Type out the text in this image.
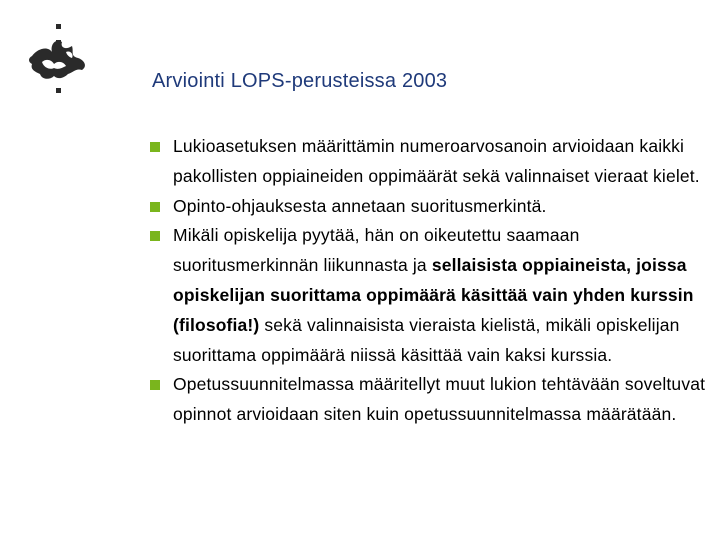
Arviointi LOPS-perusteissa 2003
Lukioasetuksen määrittämin numeroarvosanoin arvioidaan kaikki pakollisten oppiaineiden oppimäärät sekä valinnaiset vieraat kielet.
Opinto-ohjauksesta annetaan suoritusmerkintä.
Mikäli opiskelija pyytää, hän on oikeutettu saamaan suoritusmerkinnän liikunnasta ja sellaisista oppiaineista, joissa opiskelijan suorittama oppimäärä käsittää vain yhden kurssin (filosofia!) sekä valinnaisista vieraista kielistä, mikäli opiskelijan suorittama oppimäärä niissä käsittää vain kaksi kurssia.
Opetussuunnitelmassa määritellyt muut lukion tehtävään soveltuvat opinnot arvioidaan siten kuin opetussuunnitelmassa määrätään.
